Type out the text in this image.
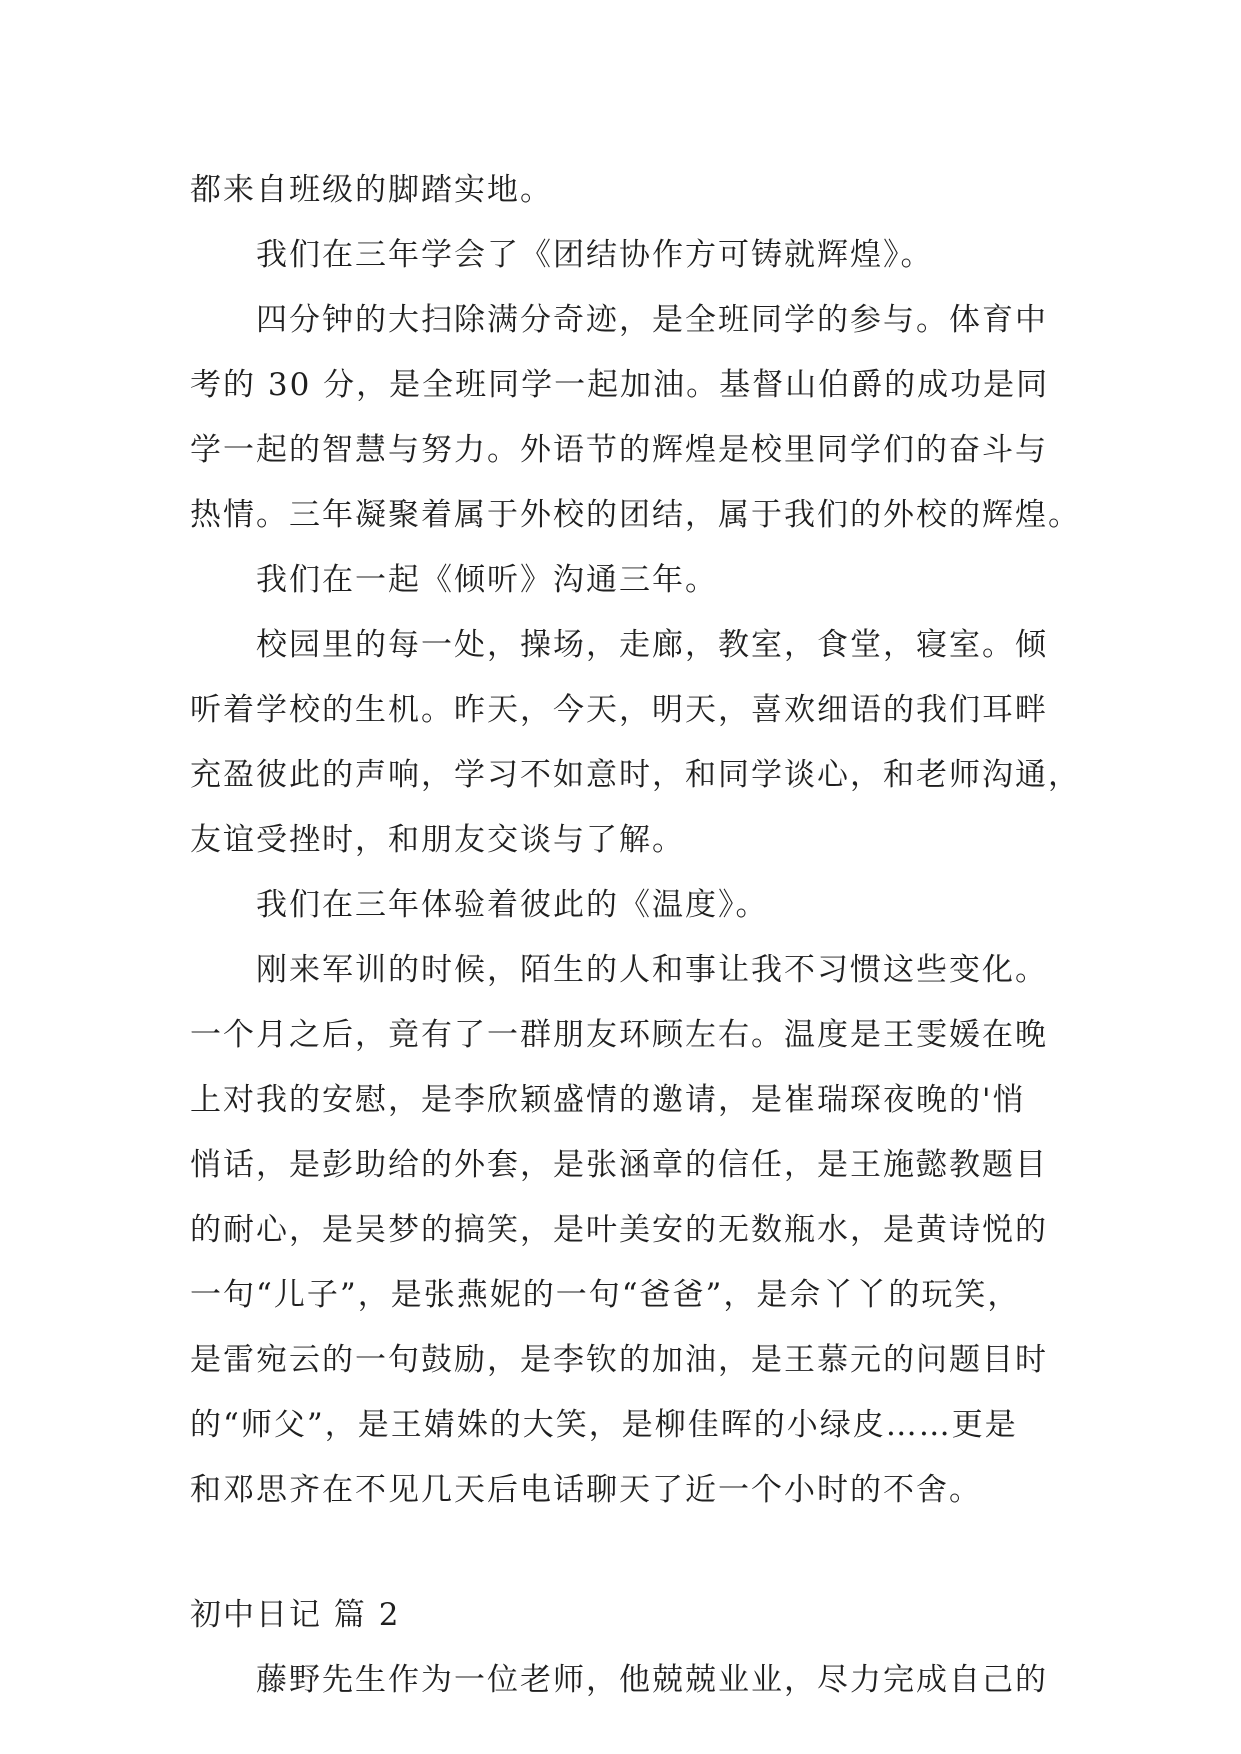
都来自班级的脚踏实地。
我们在三年学会了《团结协作方可铸就辉煌》。
四分钟的大扫除满分奇迹，是全班同学的参与。体育中
考的 30 分，是全班同学一起加油。基督山伯爵的成功是同
学一起的智慧与努力。外语节的辉煌是校里同学们的奋斗与
热情。三年凝聚着属于外校的团结，属于我们的外校的辉煌。
我们在一起《倾听》沟通三年。
校园里的每一处，操场，走廊，教室，食堂，寝室。倾
听着学校的生机。昨天，今天，明天，喜欢细语的我们耳畔
充盈彼此的声响，学习不如意时，和同学谈心，和老师沟通，
友谊受挫时，和朋友交谈与了解。
我们在三年体验着彼此的《温度》。
刚来军训的时候，陌生的人和事让我不习惯这些变化。
一个月之后，竟有了一群朋友环顾左右。温度是王雯媛在晚
上对我的安慰，是李欣颖盛情的邀请，是崔瑞琛夜晚的'悄
悄话，是彭助给的外套，是张涵章的信任，是王施懿教题目
的耐心，是吴梦的搞笑，是叶美安的无数瓶水，是黄诗悦的
一句“儿子”，是张燕妮的一句“爸爸”，是佘丫丫的玩笑，
是雷宛云的一句鼓励，是李钦的加油，是王慕元的问题目时
的“师父”，是王婧姝的大笑，是柳佳晖的小绿皮……更是
和邓思齐在不见几天后电话聊天了近一个小时的不舍。
初中日记 篇 2
藤野先生作为一位老师，他兢兢业业，尽力完成自己的
